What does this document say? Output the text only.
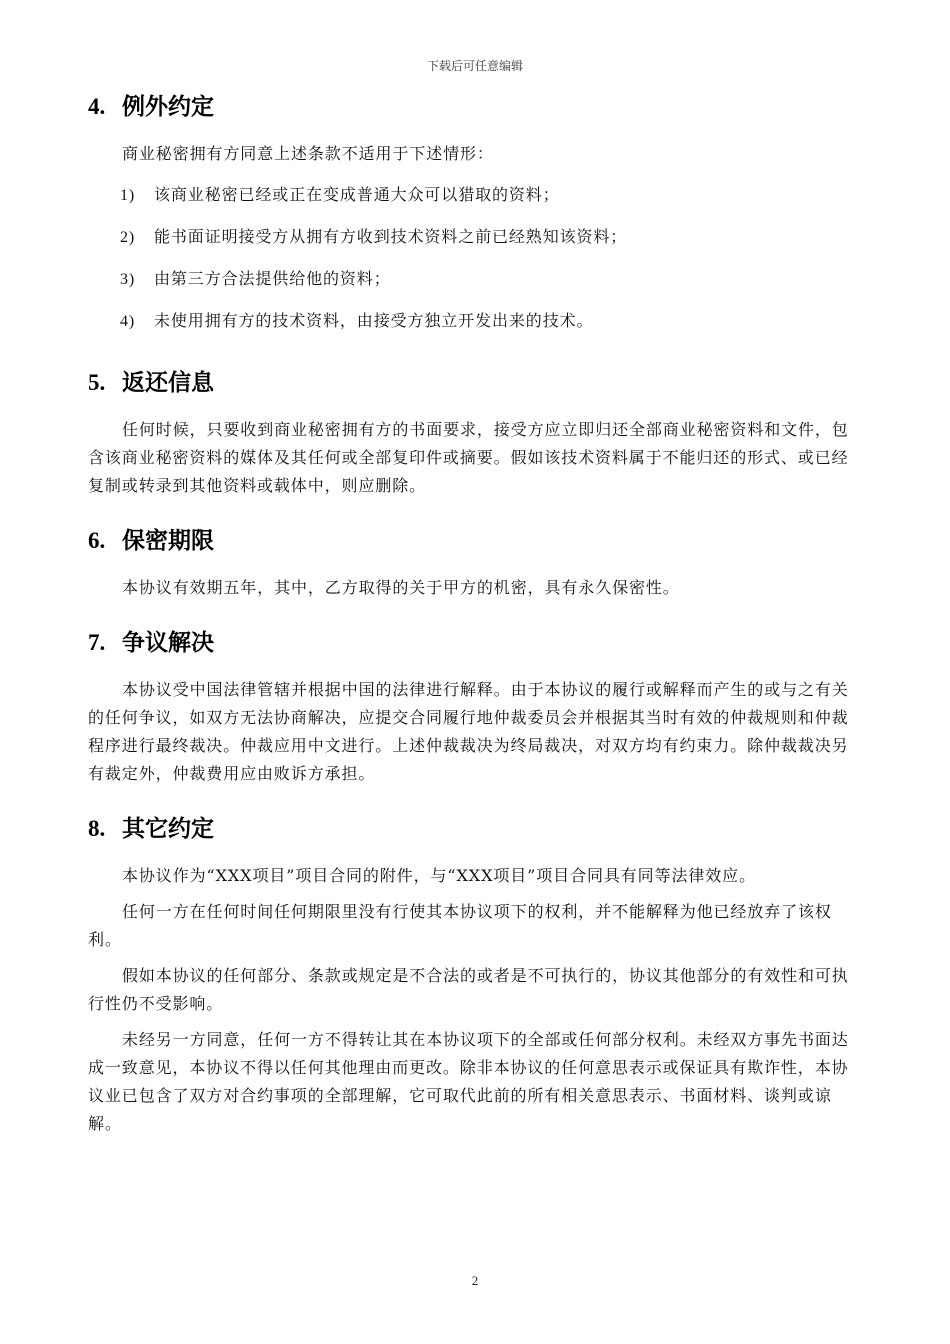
下载后可任意编辑
4. 例外约定

商业秘密拥有方同意上述条款不适用于下述情形：

1) 该商业秘密已经或正在变成普通大众可以猎取的资料；

2) 能书面证明接受方从拥有方收到技术资料之前已经熟知该资料；

3) 由第三方合法提供给他的资料；

4) 未使用拥有方的技术资料，由接受方独立开发出来的技术。

5. 返还信息

任何时候，只要收到商业秘密拥有方的书面要求，接受方应立即归还全部商业秘密资料和文件，包含该商业秘密资料的媒体及其任何或全部复印件或摘要。假如该技术资料属于不能归还的形式、或已经复制或转录到其他资料或载体中，则应删除。

6. 保密期限

本协议有效期五年，其中，乙方取得的关于甲方的机密，具有永久保密性。

7. 争议解决

本协议受中国法律管辖并根据中国的法律进行解释。由于本协议的履行或解释而产生的或与之有关的任何争议，如双方无法协商解决，应提交合同履行地仲裁委员会并根据其当时有效的仲裁规则和仲裁程序进行最终裁决。仲裁应用中文进行。上述仲裁裁决为终局裁决，对双方均有约束力。除仲裁裁决另有裁定外，仲裁费用应由败诉方承担。

8. 其它约定

本协议作为“XXX项目”项目合同的附件，与“XXX项目”项目合同具有同等法律效应。

任何一方在任何时间任何期限里没有行使其本协议项下的权利，并不能解释为他已经放弃了该权利。

假如本协议的任何部分、条款或规定是不合法的或者是不可执行的，协议其他部分的有效性和可执行性仍不受影响。

未经另一方同意，任何一方不得转让其在本协议项下的全部或任何部分权利。未经双方事先书面达成一致意见，本协议不得以任何其他理由而更改。除非本协议的任何意思表示或保证具有欺诈性，本协议业已包含了双方对合约事项的全部理解，它可取代此前的所有相关意思表示、书面材料、谈判或谅解。

2
